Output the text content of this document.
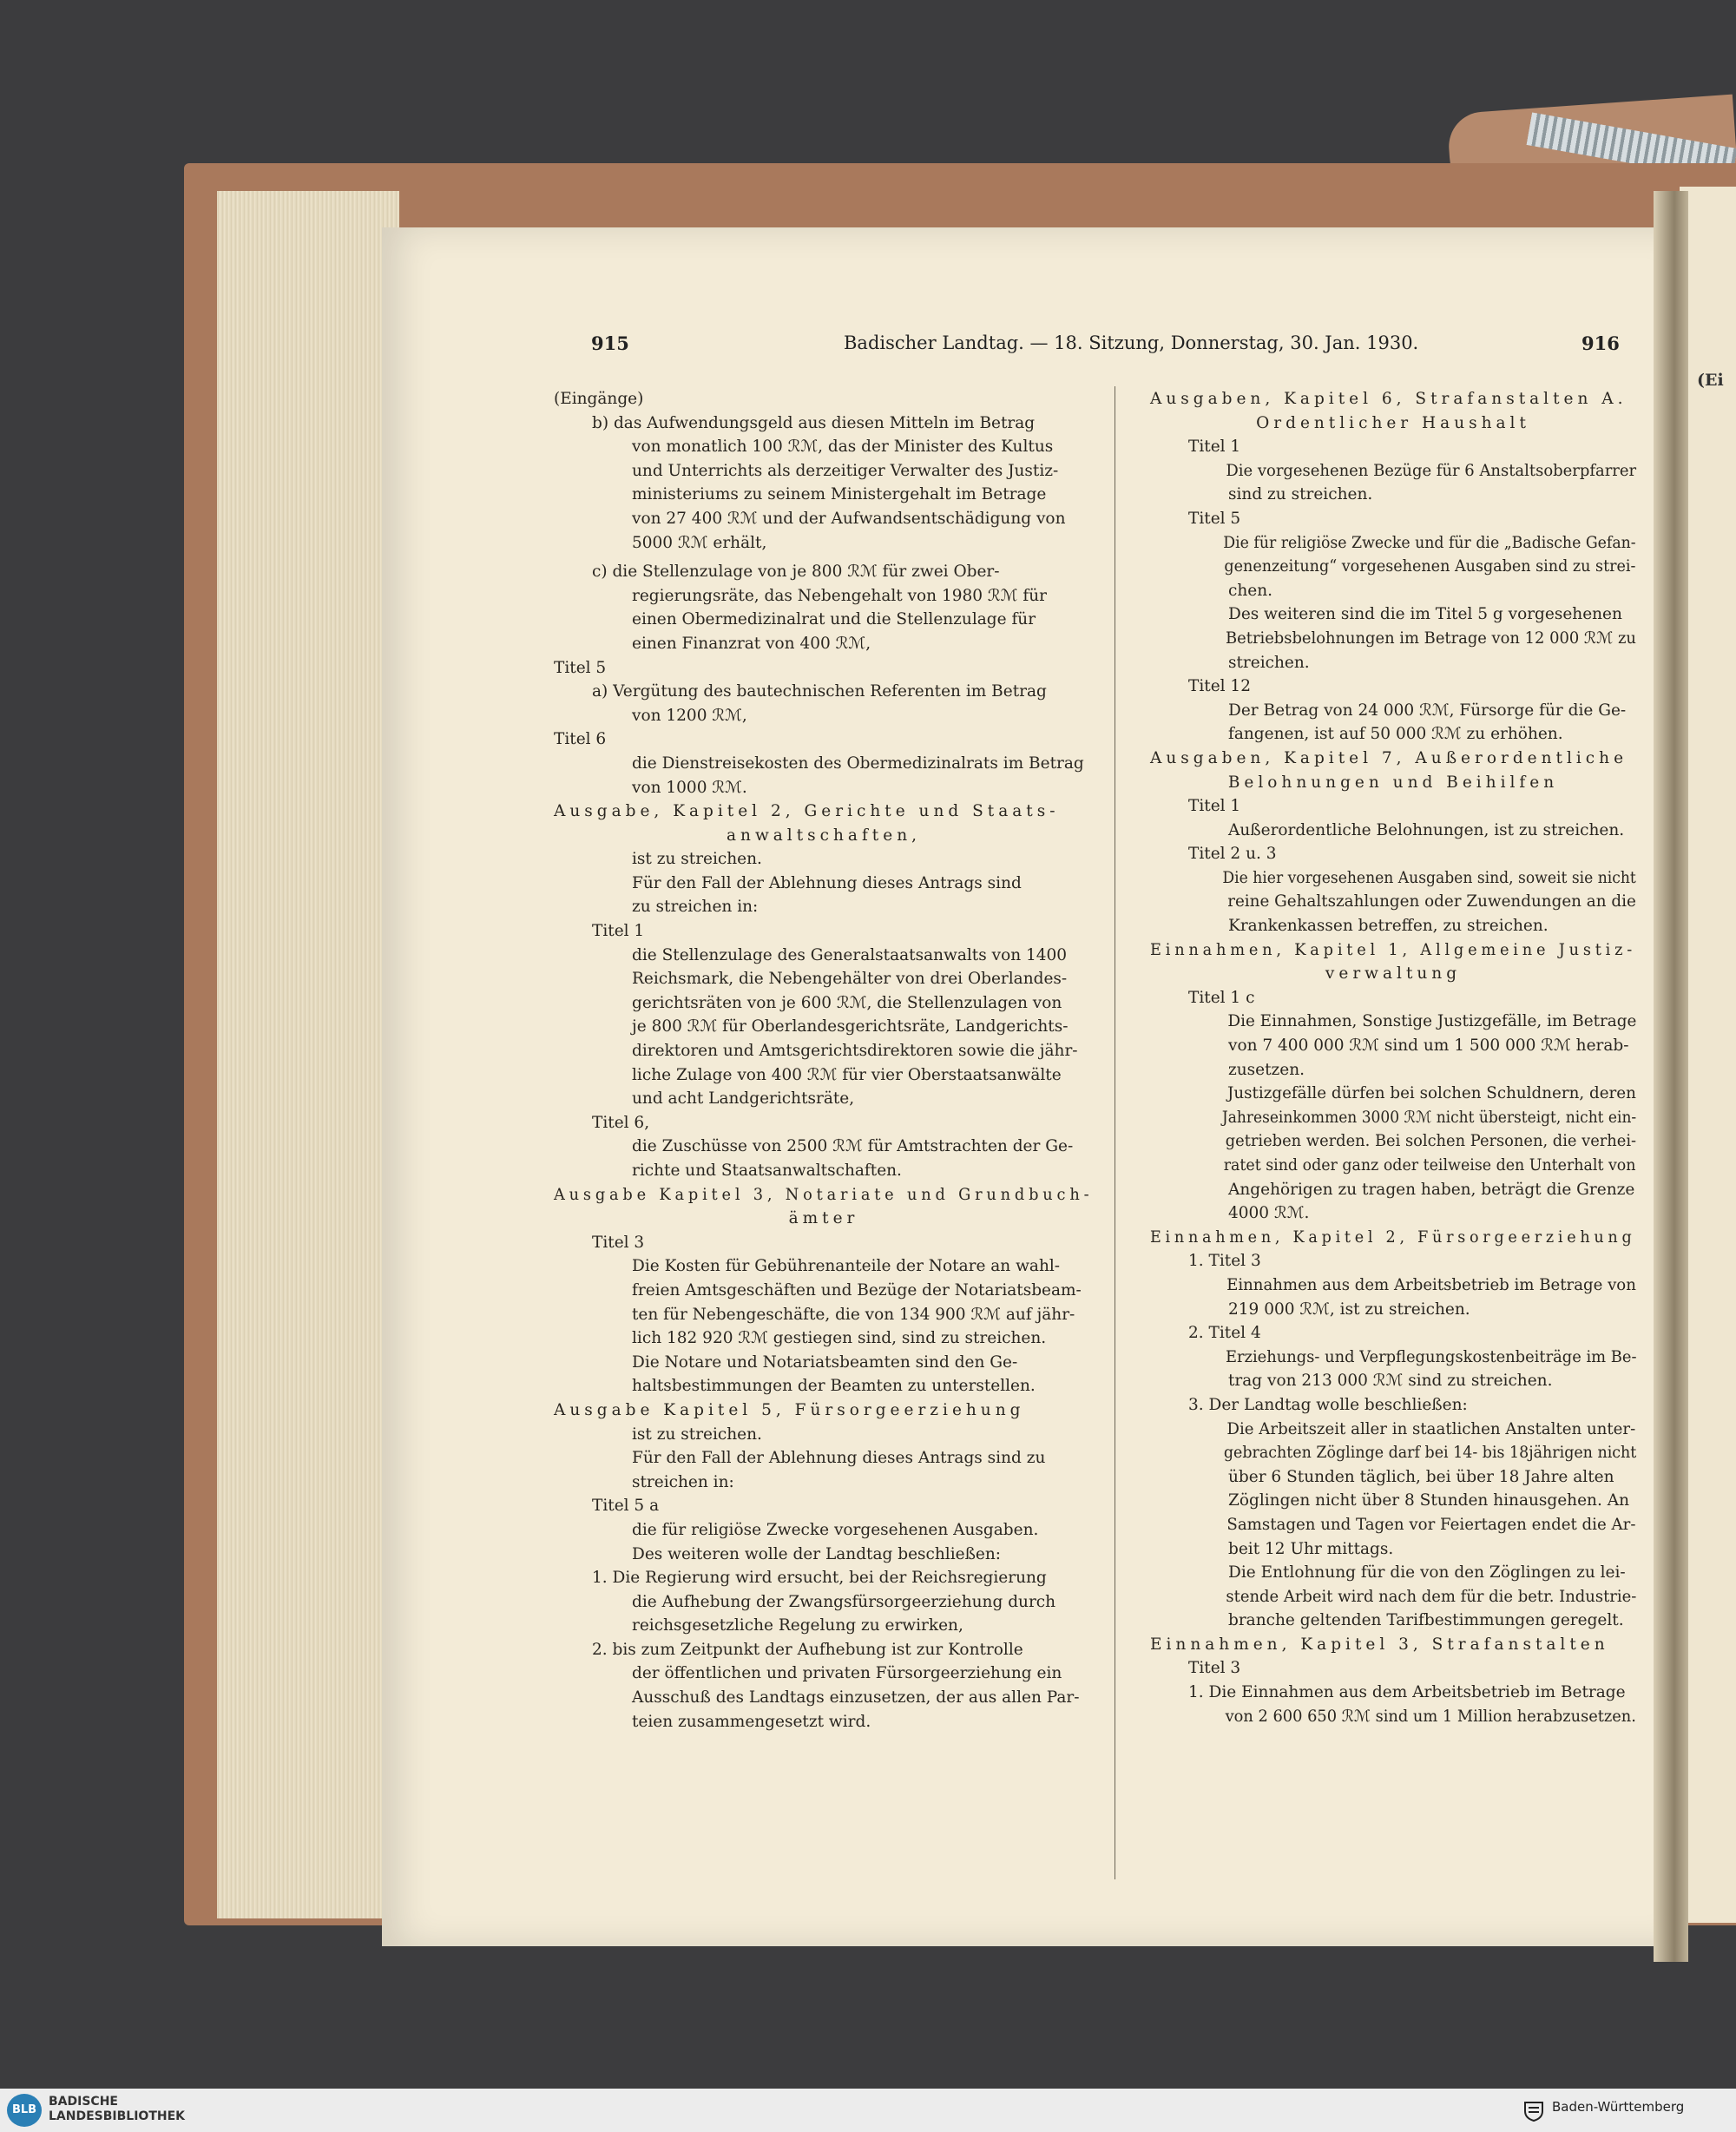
(Ei
915	Badischer Landtag. — 18. Sitzung, Donnerstag, 30. Jan. 1930.	916

(Eingänge)

b) das Aufwendungsgeld aus diesen Mitteln im Betrag

von monatlich 100 ℛℳ, das der Minister des Kultus

und Unterrichts als derzeitiger Verwalter des Justiz-

ministeriums zu seinem Ministergehalt im Betrage

von 27 400 ℛℳ und der Aufwandsentschädigung von

5000 ℛℳ erhält,

c) die Stellenzulage von je 800 ℛℳ für zwei Ober-

regierungsräte, das Nebengehalt von 1980 ℛℳ für

einen Obermedizinalrat und die Stellenzulage für

einen Finanzrat von 400 ℛℳ,

Titel 5

a) Vergütung des bautechnischen Referenten im Betrag

von 1200 ℛℳ,

Titel 6

die Dienstreisekosten des Obermedizinalrats im Betrag

von 1000 ℛℳ.

Ausgabe, Kapitel 2, Gerichte und Staats-

anwaltschaften,

ist zu streichen.

Für den Fall der Ablehnung dieses Antrags sind

zu streichen in:

Titel 1

die Stellenzulage des Generalstaatsanwalts von 1400

Reichsmark, die Nebengehälter von drei Oberlandes-

gerichtsräten von je 600 ℛℳ, die Stellenzulagen von

je 800 ℛℳ für Oberlandesgerichtsräte, Landgerichts-

direktoren und Amtsgerichtsdirektoren sowie die jähr-

liche Zulage von 400 ℛℳ für vier Oberstaatsanwälte

und acht Landgerichtsräte,

Titel 6,

die Zuschüsse von 2500 ℛℳ für Amtstrachten der Ge-

richte und Staatsanwaltschaften.

Ausgabe Kapitel 3, Notariate und Grundbuch-

ämter

Titel 3

Die Kosten für Gebührenanteile der Notare an wahl-

freien Amtsgeschäften und Bezüge der Notariatsbeam-

ten für Nebengeschäfte, die von 134 900 ℛℳ auf jähr-

lich 182 920 ℛℳ gestiegen sind, sind zu streichen.

Die Notare und Notariatsbeamten sind den Ge-

haltsbestimmungen der Beamten zu unterstellen.

Ausgabe Kapitel 5, Fürsorgeerziehung

ist zu streichen.

Für den Fall der Ablehnung dieses Antrags sind zu

streichen in:

Titel 5 a

die für religiöse Zwecke vorgesehenen Ausgaben.

Des weiteren wolle der Landtag beschließen:

1. Die Regierung wird ersucht, bei der Reichsregierung

die Aufhebung der Zwangsfürsorgeerziehung durch

reichsgesetzliche Regelung zu erwirken,

2. bis zum Zeitpunkt der Aufhebung ist zur Kontrolle

der öffentlichen und privaten Fürsorgeerziehung ein

Ausschuß des Landtags einzusetzen, der aus allen Par-

teien zusammengesetzt wird.

Ausgaben, Kapitel 6, Strafanstalten A.

Ordentlicher Haushalt

Titel 1

Die vorgesehenen Bezüge für 6 Anstaltsoberpfarrer

sind zu streichen.

Titel 5

Die für religiöse Zwecke und für die „Badische Gefan-

genenzeitung“ vorgesehenen Ausgaben sind zu strei-

chen.

Des weiteren sind die im Titel 5 g vorgesehenen

Betriebsbelohnungen im Betrage von 12 000 ℛℳ zu

streichen.

Titel 12

Der Betrag von 24 000 ℛℳ, Fürsorge für die Ge-

fangenen, ist auf 50 000 ℛℳ zu erhöhen.

Ausgaben, Kapitel 7, Außerordentliche

Belohnungen und Beihilfen

Titel 1

Außerordentliche Belohnungen, ist zu streichen.

Titel 2 u. 3

Die hier vorgesehenen Ausgaben sind, soweit sie nicht

reine Gehaltszahlungen oder Zuwendungen an die

Krankenkassen betreffen, zu streichen.

Einnahmen, Kapitel 1, Allgemeine Justiz-

verwaltung

Titel 1 c

Die Einnahmen, Sonstige Justizgefälle, im Betrage

von 7 400 000 ℛℳ sind um 1 500 000 ℛℳ herab-

zusetzen.

Justizgefälle dürfen bei solchen Schuldnern, deren

Jahreseinkommen 3000 ℛℳ nicht übersteigt, nicht ein-

getrieben werden. Bei solchen Personen, die verhei-

ratet sind oder ganz oder teilweise den Unterhalt von

Angehörigen zu tragen haben, beträgt die Grenze

4000 ℛℳ.

Einnahmen, Kapitel 2, Fürsorgeerziehung

1. Titel 3

Einnahmen aus dem Arbeitsbetrieb im Betrage von

219 000 ℛℳ, ist zu streichen.

2. Titel 4

Erziehungs- und Verpflegungskostenbeiträge im Be-

trag von 213 000 ℛℳ sind zu streichen.

3. Der Landtag wolle beschließen:

Die Arbeitszeit aller in staatlichen Anstalten unter-

gebrachten Zöglinge darf bei 14- bis 18jährigen nicht

über 6 Stunden täglich, bei über 18 Jahre alten

Zöglingen nicht über 8 Stunden hinausgehen. An

Samstagen und Tagen vor Feiertagen endet die Ar-

beit 12 Uhr mittags.

Die Entlohnung für die von den Zöglingen zu lei-

stende Arbeit wird nach dem für die betr. Industrie-

branche geltenden Tarifbestimmungen geregelt.

Einnahmen, Kapitel 3, Strafanstalten

Titel 3

1. Die Einnahmen aus dem Arbeitsbetrieb im Betrage

von 2 600 650 ℛℳ sind um 1 Million herabzusetzen.

BLB
BADISCHE
LANDESBIBLIOTHEK
Baden-Württemberg
